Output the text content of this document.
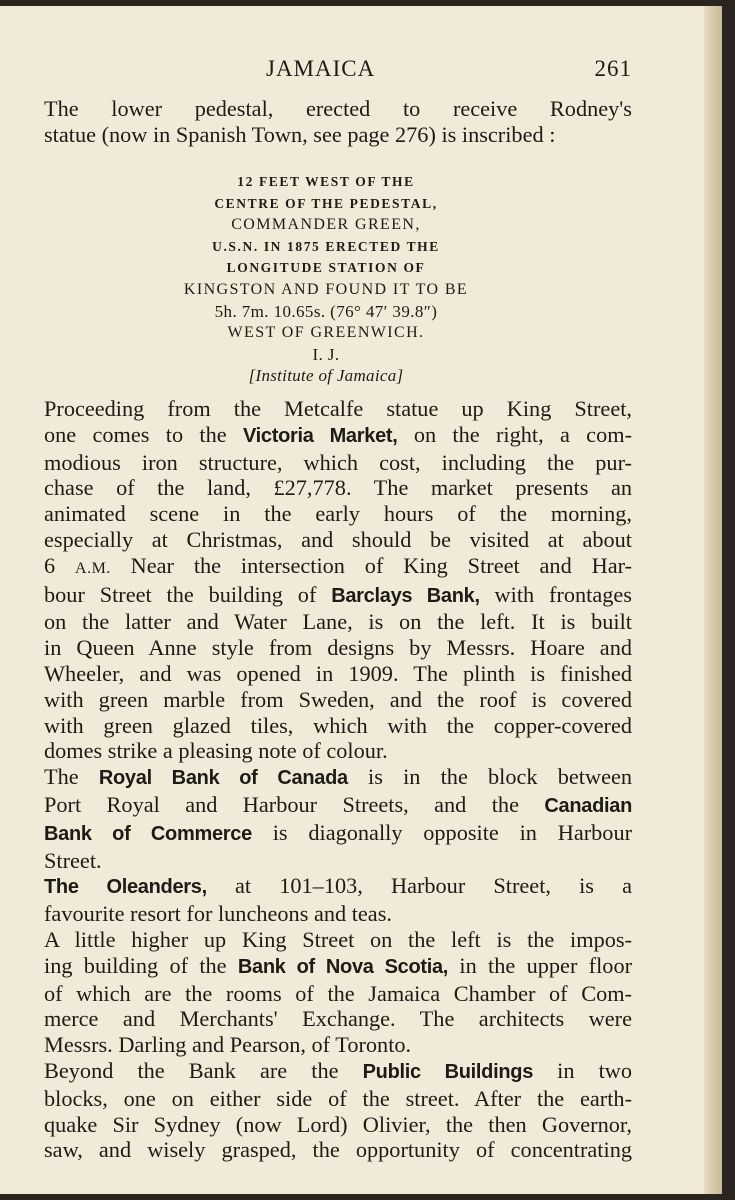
JAMAICA	261

The lower pedestal, erected to receive Rodney's
statue (now in Spanish Town, see page 276) is inscribed :

12 FEET WEST OF THE
CENTRE OF THE PEDESTAL,
COMMANDER GREEN,
U.S.N. IN 1875 ERECTED THE
LONGITUDE STATION OF
KINGSTON AND FOUND IT TO BE
5h. 7m. 10.65s. (76° 47′ 39.8″)
WEST OF GREENWICH.
I. J.
[Institute of Jamaica]

Proceeding from the Metcalfe statue up King Street,
one comes to the Victoria Market, on the right, a com-
modious iron structure, which cost, including the pur-
chase of the land, £27,778. The market presents an
animated scene in the early hours of the morning,
especially at Christmas, and should be visited at about
6 A.M. Near the intersection of King Street and Har-
bour Street the building of Barclays Bank, with frontages
on the latter and Water Lane, is on the left. It is built
in Queen Anne style from designs by Messrs. Hoare and
Wheeler, and was opened in 1909. The plinth is finished
with green marble from Sweden, and the roof is covered
with green glazed tiles, which with the copper-covered
domes strike a pleasing note of colour.

The Royal Bank of Canada is in the block between
Port Royal and Harbour Streets, and the Canadian
Bank of Commerce is diagonally opposite in Harbour
Street.

The Oleanders, at 101–103, Harbour Street, is a
favourite resort for luncheons and teas.

A little higher up King Street on the left is the impos-
ing building of the Bank of Nova Scotia, in the upper floor
of which are the rooms of the Jamaica Chamber of Com-
merce and Merchants' Exchange. The architects were
Messrs. Darling and Pearson, of Toronto.

Beyond the Bank are the Public Buildings in two
blocks, one on either side of the street. After the earth-
quake Sir Sydney (now Lord) Olivier, the then Governor,
saw, and wisely grasped, the opportunity of concentrating
